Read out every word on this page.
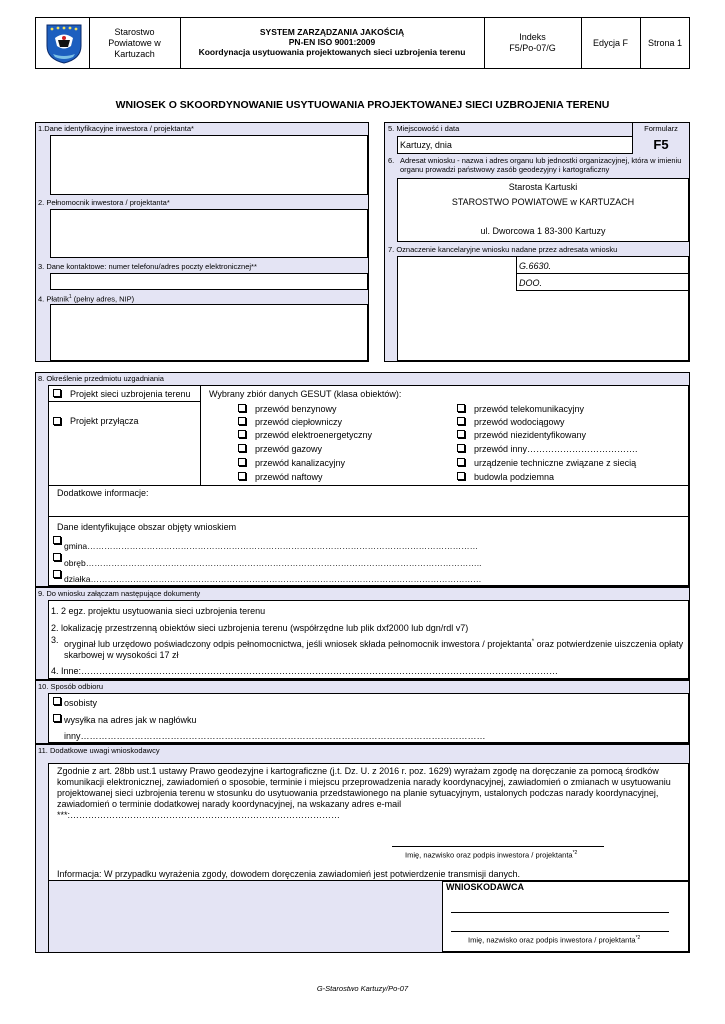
Starostwo
Powiatowe w
Kartuzach
SYSTEM ZARZĄDZANIA JAKOŚCIĄ
PN-EN ISO 9001:2009
Koordynacja usytuowania projektowanych sieci uzbrojenia terenu
Indeks
F5/Po-07/G	Edycja F	Strona 1
WNIOSEK O SKOORDYNOWANIE USYTUOWANIA PROJEKTOWANEJ SIECI UZBROJENIA TERENU
1.Dane identyfikacyjne inwestora / projektanta*
2. Pełnomocnik inwestora / projektanta*
3. Dane kontaktowe: numer telefonu/adres poczty elektronicznej**
4. Płatnik$^1$ (pełny adres, NIP)
5. Miejscowość i data	Formularz
F5
Kartuzy, dnia
6. Adresat wniosku - nazwa i adres organu lub jednostki organizacyjnej, która w imieniu organu prowadzi państwowy zasób geodezyjny i kartograficzny
Starosta Kartuski
STAROSTWO POWIATOWE w KARTUZACH
ul. Dworcowa 1 83-300 Kartuzy
7. Oznaczenie kancelaryjne wniosku nadane przez adresata wniosku
G.6630.
DOO.
8. Określenie przedmiotu uzgadniania
Projekt sieci uzbrojenia terenu
Projekt przyłącza
Wybrany zbiór danych GESUT (klasa obiektów):
przewód benzynowy
przewód ciepłowniczy
przewód elektroenergetyczny
przewód gazowy
przewód kanalizacyjny
przewód naftowy
przewód telekomunikacyjny
przewód wodociągowy
przewód niezidentyfikowany
przewód inny……………………………….
urządzenie techniczne związane z siecią
budowla podziemna
Dodatkowe informacje:
Dane identyfikujące obszar objęty wnioskiem
gmina…………………………………………………………………………………………………………………………
obręb…………………………………………………………………………………………………………………………..
działka…………………………………………………………………………………………………………………………
9. Do wniosku załączam następujące dokumenty
1. 2 egz. projektu usytuowania sieci uzbrojenia terenu
2. lokalizację przestrzenną obiektów sieci uzbrojenia terenu (współrzędne lub plik dxf2000 lub dgn/rdl v7)
3. oryginał lub urzędowo poświadczony odpis pełnomocnictwa, jeśli wniosek składa pełnomocnik inwestora / projektanta* oraz potwierdzenie uiszczenia opłaty skarbowej w wysokości 17 zł
4. Inne:……………………………………………………………………………………………………………………………………………
10. Sposób odbioru
osobisty
wysyłka na adres jak w nagłówku
inny………………………………………………………………………………………………………………………
11. Dodatkowe uwagi wnioskodawcy
Zgodnie z art. 28bb ust.1 ustawy Prawo geodezyjne i kartograficzne (j.t. Dz. U. z 2016 r. poz. 1629) wyrażam zgodę na doręczanie za pomocą środków komunikacji elektronicznej, zawiadomień o sposobie, terminie i miejscu przeprowadzenia narady koordynacyjnej, zawiadomień o zmianach w usytuowaniu projektowanej sieci uzbrojenia terenu w stosunku do usytuowania przedstawionego na planie sytuacyjnym, ustalonych podczas narady koordynacyjnej, zawiadomień o terminie dodatkowej narady koordynacyjnej, na wskazany adres e-mail ***:………………………………………………………………………………
Imię, nazwisko oraz podpis inwestora / projektanta$^{*2}$
Informacja: W przypadku wyrażenia zgody, dowodem doręczenia zawiadomień jest potwierdzenie transmisji danych.
WNIOSKODAWCA
Imię, nazwisko oraz podpis inwestora / projektanta$^{*2}$
G-Starostwo Kartuzy/Po-07
